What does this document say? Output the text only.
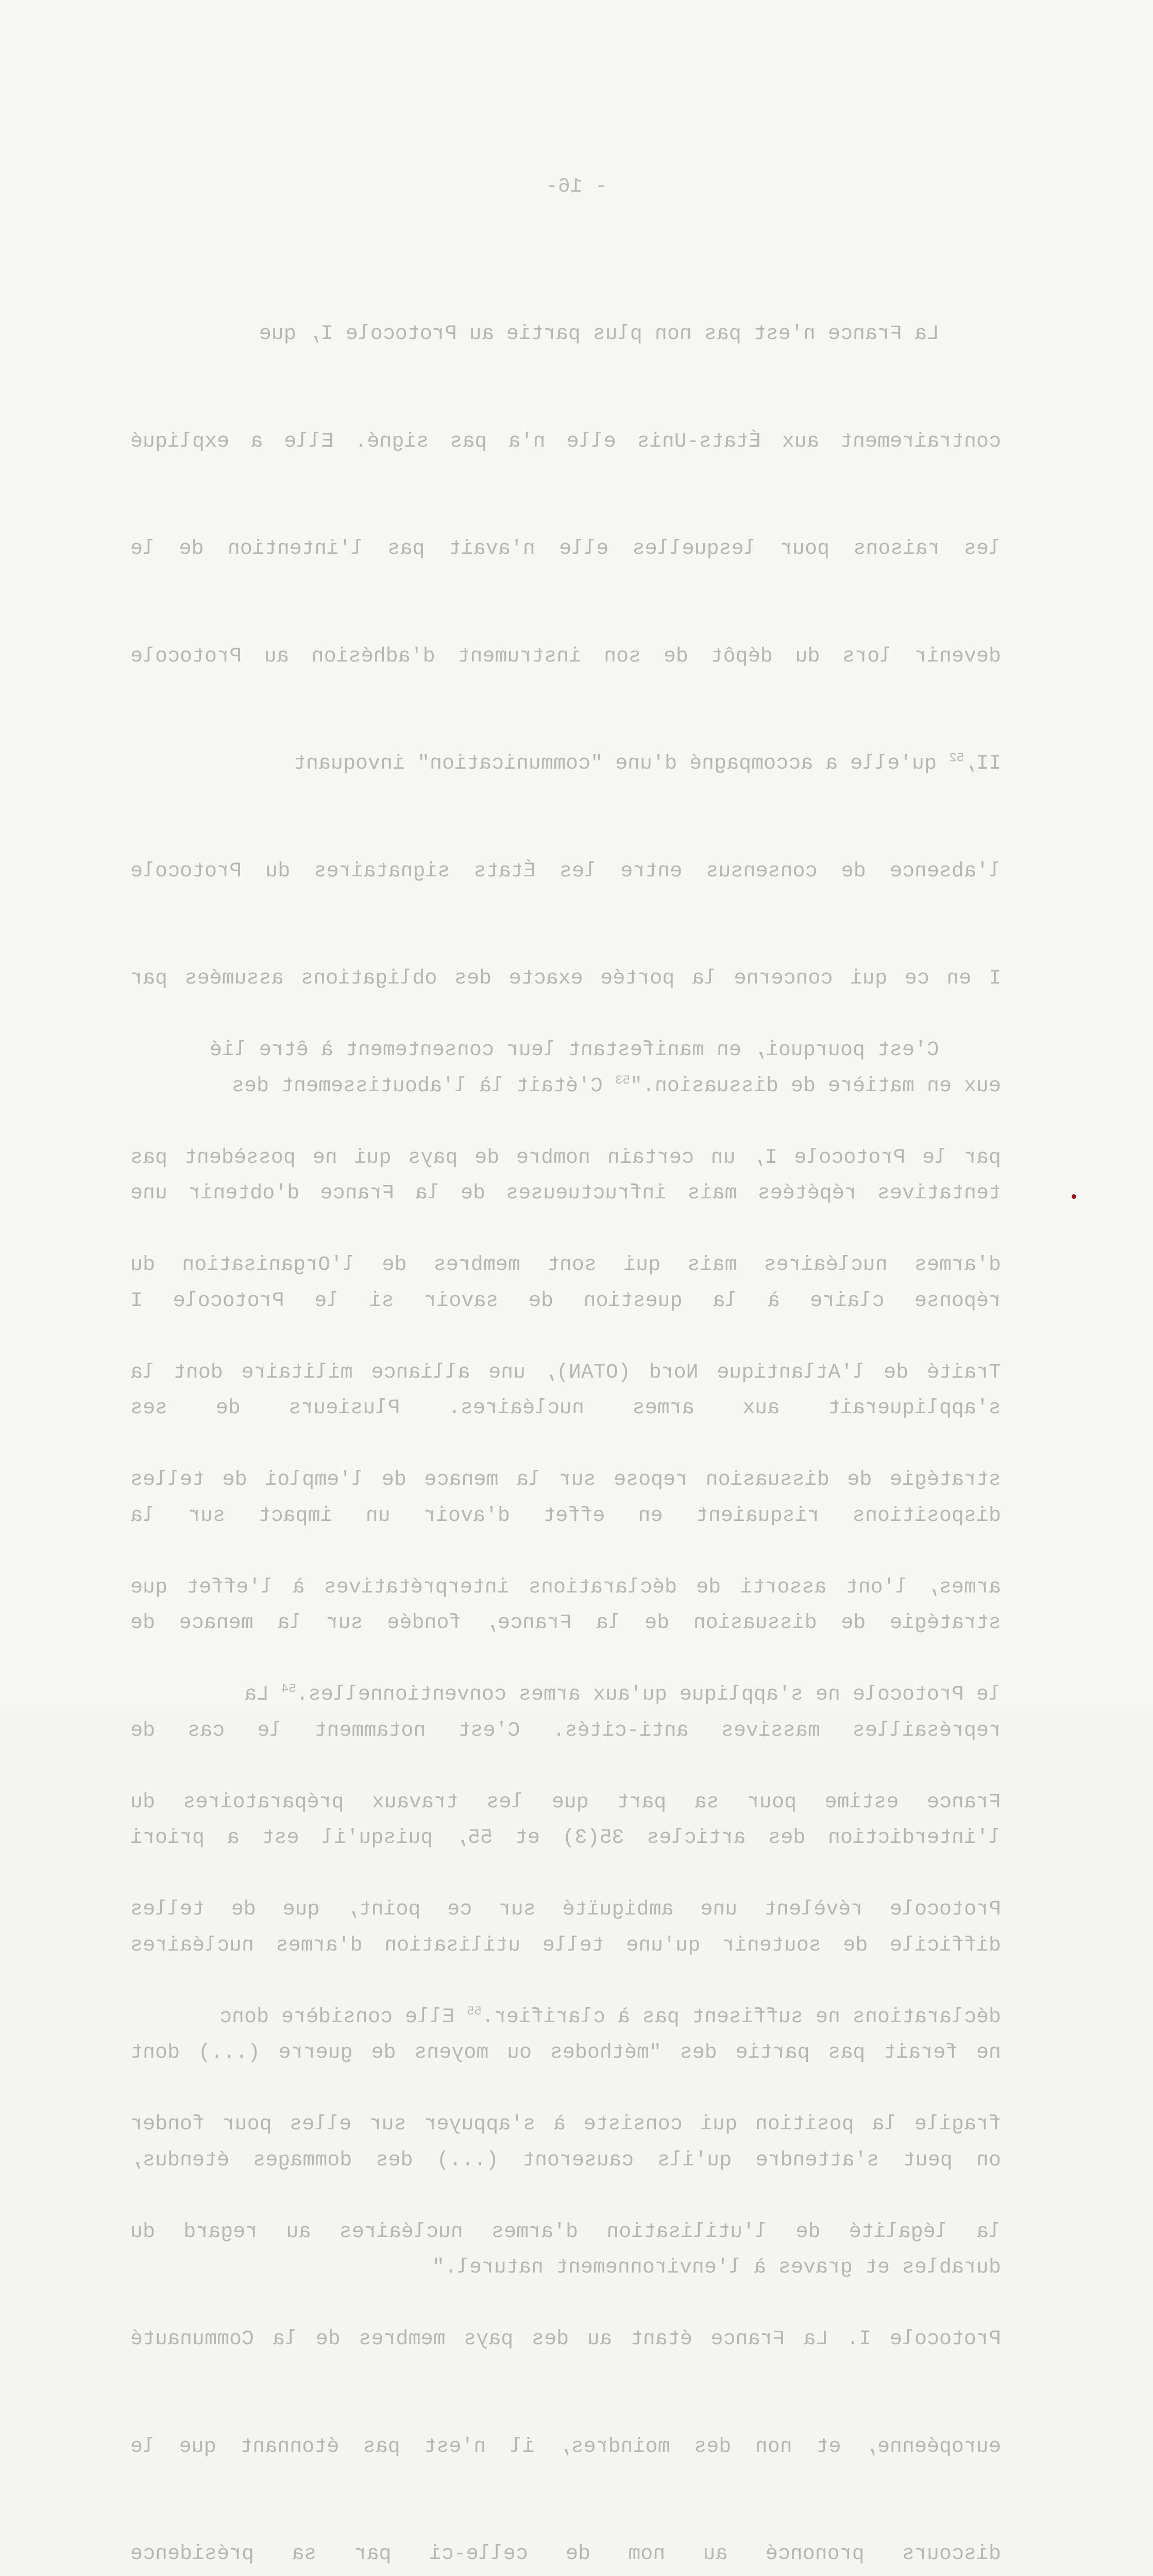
- 16-

La France n'est pas non plus partie au Protocole I, que

contrairement aux États-Unis elle n'a pas signé. Elle a expliqué

les raisons pour lesquelles elle n'avait pas l'intention de le

devenir lors du dépôt de son instrument d'adhésion au Protocole

II,$^{52}$ qu'elle a accompagné d'une "communication" invoquant

l'absence de consensus entre les États signataires du Protocole

I en ce qui concerne la portée exacte des obligations assumées par

eux en matière de dissuasion."$^{53}$ C'était là l'aboutissement des

tentatives répétées mais infructueuses de la France d'obtenir une

réponse claire à la question de savoir si le Protocole I

s'appliquerait aux armes nucléaires. Plusieurs de ses

dispositions risquaient en effet d'avoir un impact sur la

stratégie de dissuasion de la France, fondée sur la menace de

représailles massives anti-cités. C'est notamment le cas de

l'interdiction des articles 35(3) et 55, puisqu'il est a priori

difficile de soutenir qu'une telle utilisation d'armes nucléaires

ne ferait pas partie des "méthodes ou moyens de guerre (...) dont

on peut s'attendre qu'ils causeront (...) des dommages étendus,

durables et graves à l'environnement naturel."

C'est pourquoi, en manifestant leur consentement à être lié

par le Protocole I, un certain nombre de pays qui ne possèdent pas

d'armes nucléaires mais qui sont membres de l'Organisation du

Traité de l'Atlantique Nord (OTAN), une alliance militaire dont la

stratégie de dissuasion repose sur la menace de l'emploi de telles

armes, l'ont assorti de déclarations interprétatives à l'effet que

le Protocole ne s'applique qu'aux armes conventionnelles.$^{54}$ La

France estime pour sa part que les travaux préparatoires du

Protocole révèlent une ambiguïté sur ce point, que de telles

déclarations ne suffisent pas à clarifier.$^{55}$ Elle considère donc

fragile la position qui consiste à s'appuyer sur elles pour fonder

la légalité de l'utilisation d'armes nucléaires au regard du

Protocole I. La France étant au des pays membres de la Communauté

européenne, et non des moindres, il n'est pas étonnant que le

discours prononcé au nom de celle-ci par sa présidence
